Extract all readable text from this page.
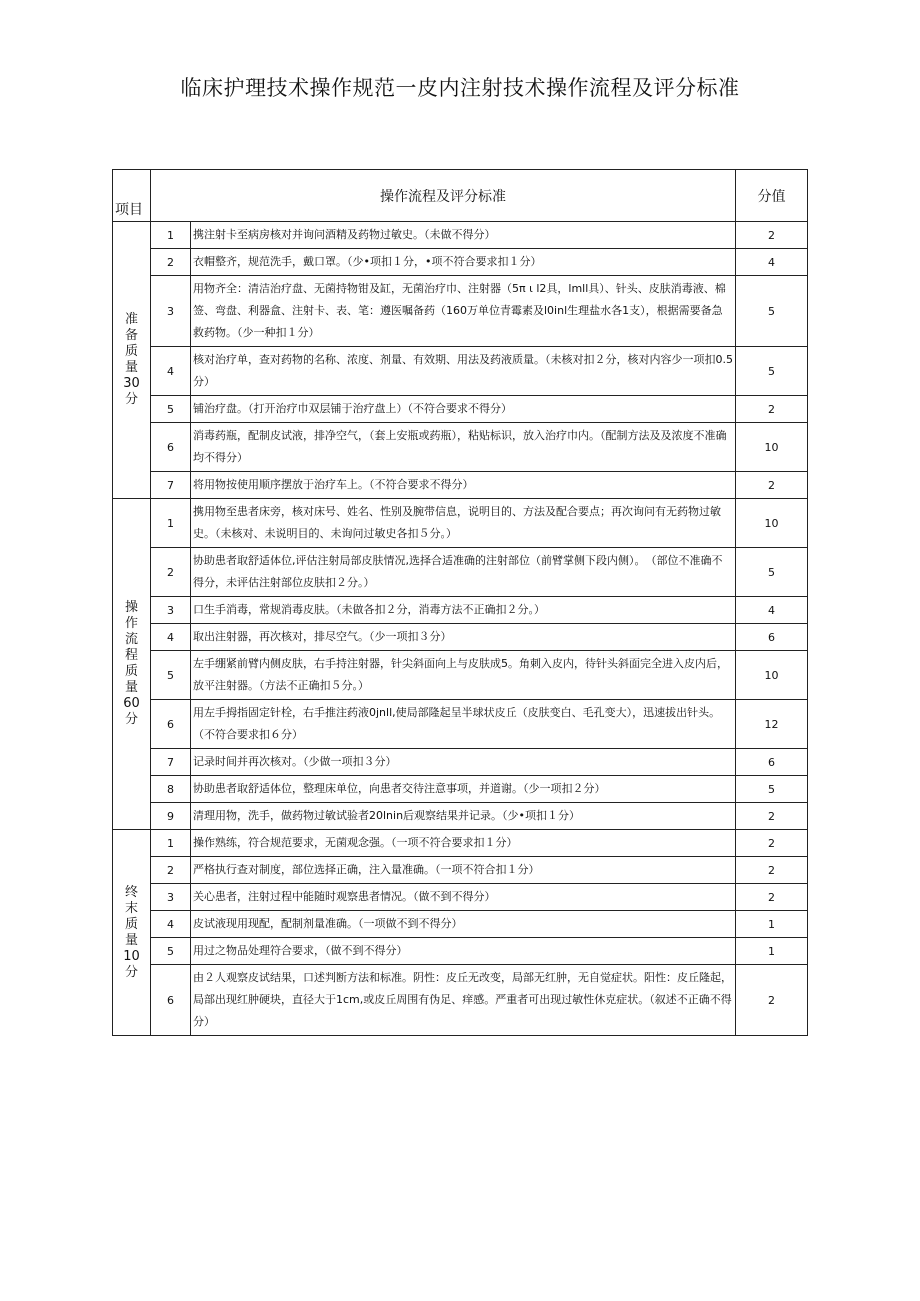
临床护理技术操作规范一皮内注射技术操作流程及评分标准
项目	操作流程及评分标准		分值
准备质量30分	1	携注射卡至病房核对并询问酒精及药物过敏史。（未做不得分）	2
	2	衣帽整齐，规范洗手，戴口罩。（少•项扣１分，•项不符合要求扣１分）	4
	3	用物齐全：清洁治疗盘、无菌持物钳及缸，无菌治疗巾、注射器（5π ι l2具，lmll具）、针头、皮肤消毒液、棉签、弯盘、利器盒、注射卡、表、笔：遵医嘱备药（160万单位青霉素及l0inl生理盐水各1支），根据需要备急救药物。（少一种扣１分）	5
	4	核对治疗单，查对药物的名称、浓度、剂量、有效期、用法及药液质量。（未核对扣２分，核对内容少一项扣0.5分）	5
	5	铺治疗盘。（打开治疗巾双层铺于治疗盘上）（不符合要求不得分）	2
	6	消毒药瓶，配制皮试液，排净空气，（套上安瓶或药瓶），粘贴标识，放入治疗巾内。（配制方法及及浓度不准确均不得分）	10
	7	将用物按使用顺序摆放于治疗车上。（不符合要求不得分）	2
操作流程质量60分	1	携用物至患者床旁，核对床号、姓名、性别及腕带信息，说明目的、方法及配合要点；再次询问有无药物过敏史。（未核对、未说明目的、未询问过敏史各扣５分。）	10
	2	协助患者取舒适体位,评估注射局部皮肤情况,选择合适准确的注射部位（前臂掌侧下段内侧）。　（部位不准确不得分，未评估注射部位皮肤扣２分。）	5
	3	口生手消毒，常规消毒皮肤。（未做各扣２分，消毒方法不正确扣２分。）	4
	4	取出注射器，再次核对，排尽空气。（少一项扣３分）	6
	5	左手绷紧前臂内侧皮肤，右手持注射器，针尖斜面向上与皮肤成5。角刺入皮内，待针头斜面完全进入皮内后，放平注射器。（方法不正确扣５分。）	10
	6	用左手拇指固定针栓，右手推注药液0jnll,使局部隆起呈半球状皮丘（皮肤变白、毛孔变大），迅速拔出针头。（不符合要求扣６分）	12
	7	记录时间并再次核对。（少做一项扣３分）	6
	8	协助患者取舒适体位，整理床单位，向患者交待注意事项，并道谢。（少一项扣２分）	5
	9	清理用物，洗手，做药物过敏试验者20lnin后观察结果并记录。（少•项扣１分）	2
终末质量10分	1	操作熟练，符合规范要求，无菌观念强。（一项不符合要求扣１分）	2
	2	严格执行查对制度，部位选择正确，注入量准确。（一项不符合扣１分）	2
	3	关心患者，注射过程中能随时观察患者情况。（做不到不得分）	2
	4	皮试液现用现配，配制剂量准确。（一项做不到不得分）	1
	5	用过之物品处理符合要求，（做不到不得分）	1
	6	由２人观察皮试结果，口述判断方法和标准。阴性：皮丘无改变，局部无红肿，无自觉症状。阳性：皮丘隆起，局部出现红肿硬块，直径大于1cm,或皮丘周围有伪足、痒感。严重者可出现过敏性休克症状。（叙述不正确不得分）	2
